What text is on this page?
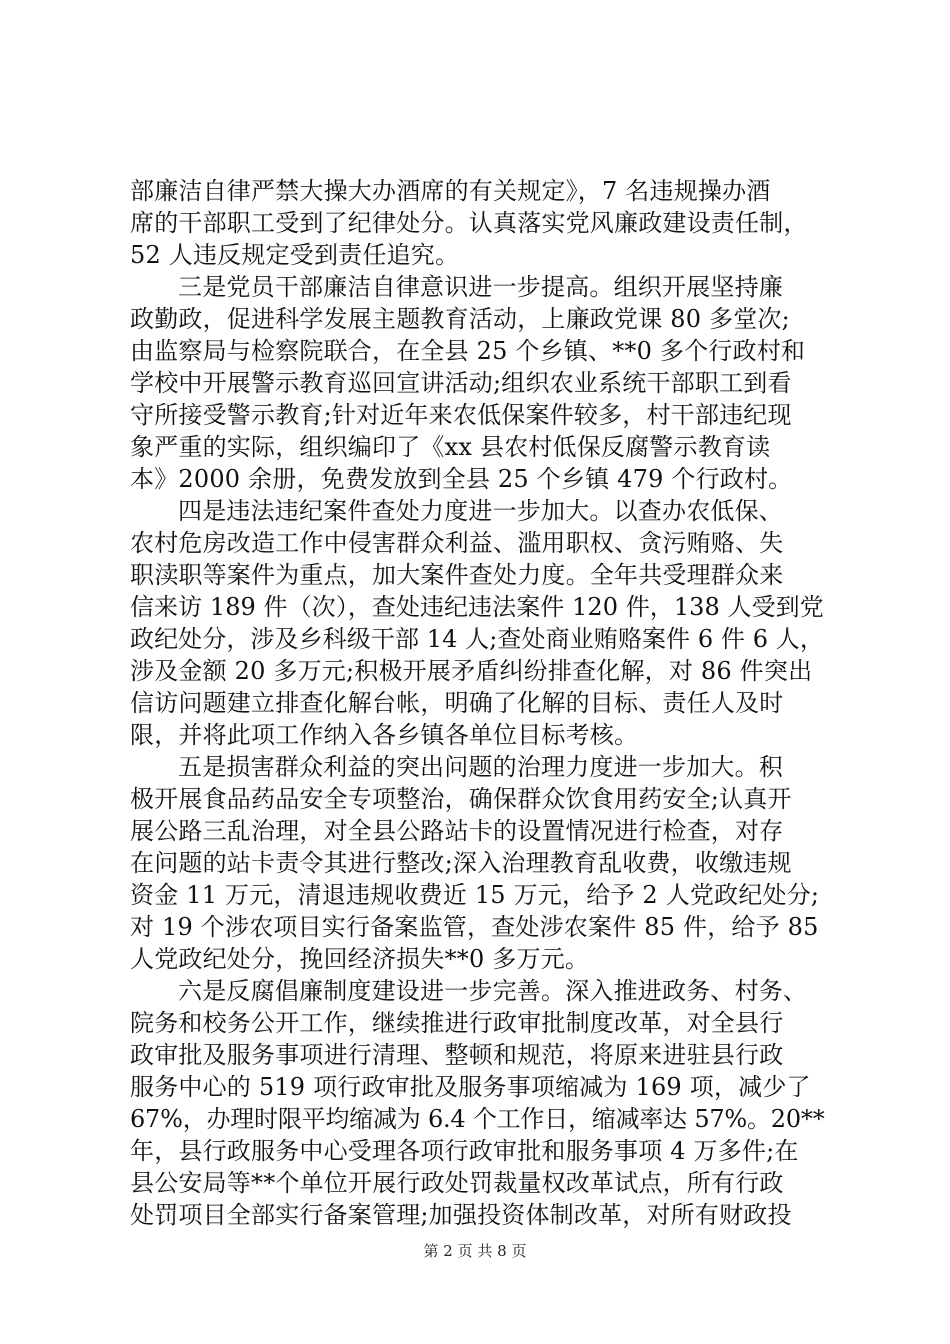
部廉洁自律严禁大操大办酒席的有关规定》，7 名违规操办酒
席的干部职工受到了纪律处分。认真落实党风廉政建设责任制，
52 人违反规定受到责任追究。
三是党员干部廉洁自律意识进一步提高。组织开展坚持廉
政勤政，促进科学发展主题教育活动，上廉政党课 80 多堂次;
由监察局与检察院联合，在全县 25 个乡镇、**0 多个行政村和
学校中开展警示教育巡回宣讲活动;组织农业系统干部职工到看
守所接受警示教育;针对近年来农低保案件较多，村干部违纪现
象严重的实际，组织编印了《xx 县农村低保反腐警示教育读
本》2000 余册，免费发放到全县 25 个乡镇 479 个行政村。
四是违法违纪案件查处力度进一步加大。以查办农低保、
农村危房改造工作中侵害群众利益、滥用职权、贪污贿赂、失
职渎职等案件为重点，加大案件查处力度。全年共受理群众来
信来访 189 件（次），查处违纪违法案件 120 件，138 人受到党
政纪处分，涉及乡科级干部 14 人;查处商业贿赂案件 6 件 6 人，
涉及金额 20 多万元;积极开展矛盾纠纷排查化解，对 86 件突出
信访问题建立排查化解台帐，明确了化解的目标、责任人及时
限，并将此项工作纳入各乡镇各单位目标考核。
五是损害群众利益的突出问题的治理力度进一步加大。积
极开展食品药品安全专项整治，确保群众饮食用药安全;认真开
展公路三乱治理，对全县公路站卡的设置情况进行检查，对存
在问题的站卡责令其进行整改;深入治理教育乱收费，收缴违规
资金 11 万元，清退违规收费近 15 万元，给予 2 人党政纪处分;
对 19 个涉农项目实行备案监管，查处涉农案件 85 件，给予 85
人党政纪处分，挽回经济损失**0 多万元。
六是反腐倡廉制度建设进一步完善。深入推进政务、村务、
院务和校务公开工作，继续推进行政审批制度改革，对全县行
政审批及服务事项进行清理、整顿和规范，将原来进驻县行政
服务中心的 519 项行政审批及服务事项缩减为 169 项，减少了
67%，办理时限平均缩减为 6.4 个工作日，缩减率达 57%。20**
年，县行政服务中心受理各项行政审批和服务事项 4 万多件;在
县公安局等**个单位开展行政处罚裁量权改革试点，所有行政
处罚项目全部实行备案管理;加强投资体制改革，对所有财政投
第 2 页 共 8 页
